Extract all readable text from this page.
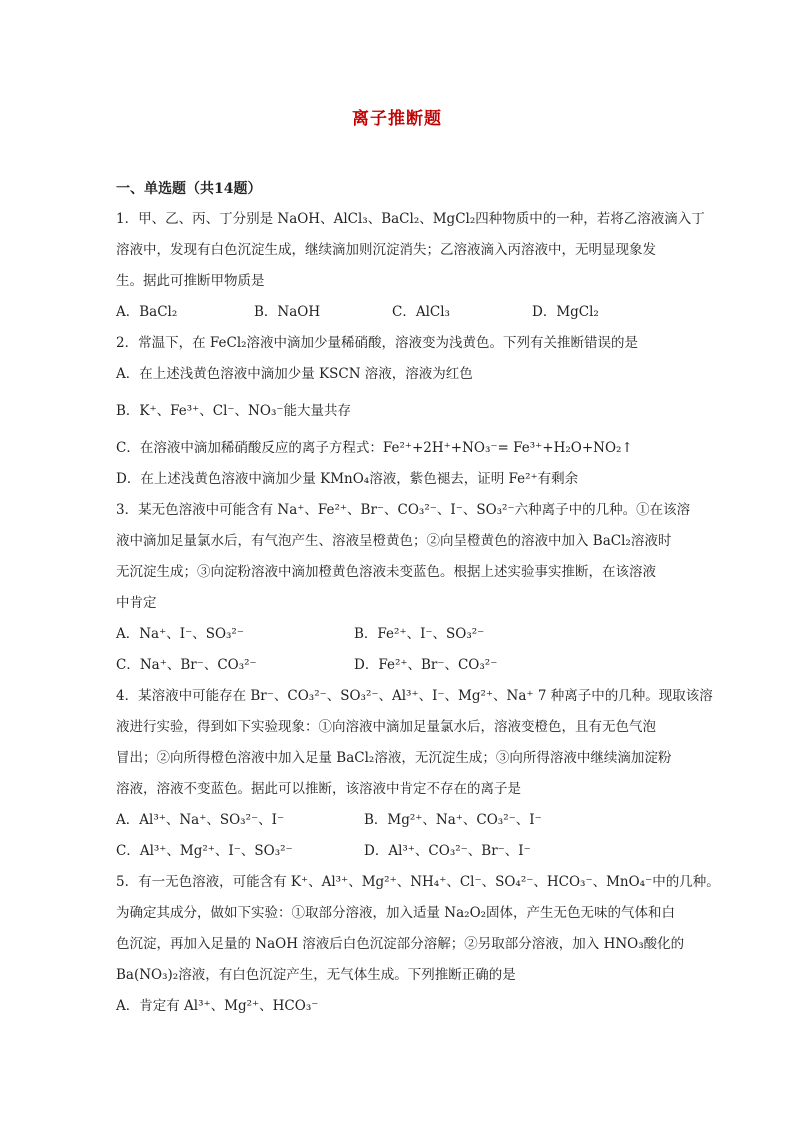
离子推断题
一、单选题（共14题）
1．甲、乙、丙、丁分别是 NaOH、AlCl₃、BaCl₂、MgCl₂四种物质中的一种，若将乙溶液滴入丁
溶液中，发现有白色沉淀生成，继续滴加则沉淀消失；乙溶液滴入丙溶液中，无明显现象发
生。据此可推断甲物质是
A．BaCl₂	B．NaOH	C．AlCl₃	D．MgCl₂
2．常温下，在 FeCl₂溶液中滴加少量稀硝酸，溶液变为浅黄色。下列有关推断错误的是
A．在上述浅黄色溶液中滴加少量 KSCN 溶液，溶液为红色
B．K⁺、Fe³⁺、Cl⁻、NO₃⁻能大量共存
C．在溶液中滴加稀硝酸反应的离子方程式：Fe²⁺+2H⁺+NO₃⁻= Fe³⁺+H₂O+NO₂↑
D．在上述浅黄色溶液中滴加少量 KMnO₄溶液，紫色褪去，证明 Fe²⁺有剩余
3．某无色溶液中可能含有 Na⁺、Fe²⁺、Br⁻、CO₃²⁻、I⁻、SO₃²⁻六种离子中的几种。①在该溶
液中滴加足量氯水后，有气泡产生、溶液呈橙黄色；②向呈橙黄色的溶液中加入 BaCl₂溶液时
无沉淀生成；③向淀粉溶液中滴加橙黄色溶液未变蓝色。根据上述实验事实推断，在该溶液
中肯定
A．Na⁺、I⁻、SO₃²⁻	B．Fe²⁺、I⁻、SO₃²⁻
C．Na⁺、Br⁻、CO₃²⁻	D．Fe²⁺、Br⁻、CO₃²⁻
4．某溶液中可能存在 Br⁻、CO₃²⁻、SO₃²⁻、Al³⁺、I⁻、Mg²⁺、Na⁺ 7 种离子中的几种。现取该溶
液进行实验，得到如下实验现象：①向溶液中滴加足量氯水后，溶液变橙色，且有无色气泡
冒出；②向所得橙色溶液中加入足量 BaCl₂溶液，无沉淀生成；③向所得溶液中继续滴加淀粉
溶液，溶液不变蓝色。据此可以推断，该溶液中肯定不存在的离子是
A．Al³⁺、Na⁺、SO₃²⁻、I⁻	B．Mg²⁺、Na⁺、CO₃²⁻、I⁻
C．Al³⁺、Mg²⁺、I⁻、SO₃²⁻	D．Al³⁺、CO₃²⁻、Br⁻、I⁻
5．有一无色溶液，可能含有 K⁺、Al³⁺、Mg²⁺、NH₄⁺、Cl⁻、SO₄²⁻、HCO₃⁻、MnO₄⁻中的几种。
为确定其成分，做如下实验：①取部分溶液，加入适量 Na₂O₂固体，产生无色无味的气体和白
色沉淀，再加入足量的 NaOH 溶液后白色沉淀部分溶解；②另取部分溶液，加入 HNO₃酸化的
Ba(NO₃)₂溶液，有白色沉淀产生，无气体生成。下列推断正确的是
A．肯定有 Al³⁺、Mg²⁺、HCO₃⁻
